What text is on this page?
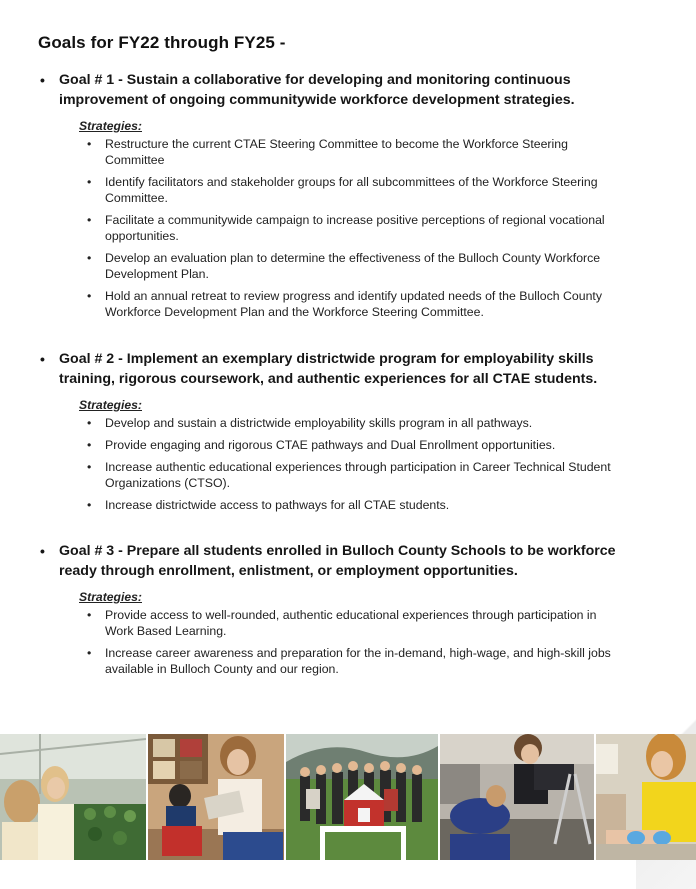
Goals for FY22 through FY25 -
• Goal # 1 - Sustain a collaborative for developing and monitoring continuous improvement of ongoing communitywide workforce development strategies.
Strategies:
• Restructure the current CTAE Steering Committee to become the Workforce Steering Committee
• Identify facilitators and stakeholder groups for all subcommittees of the Workforce Steering Committee.
• Facilitate a communitywide campaign to increase positive perceptions of regional vocational opportunities.
• Develop an evaluation plan to determine the effectiveness of the Bulloch County Workforce Development Plan.
• Hold an annual retreat to review progress and identify updated needs of the Bulloch County Workforce Development Plan and the Workforce Steering Committee.
• Goal # 2 - Implement an exemplary districtwide program for employability skills training, rigorous coursework, and authentic experiences for all CTAE students.
Strategies:
• Develop and sustain a districtwide employability skills program in all pathways.
• Provide engaging and rigorous CTAE pathways and Dual Enrollment opportunities.
• Increase authentic educational experiences through participation in Career Technical Student Organizations (CTSO).
• Increase districtwide access to pathways for all CTAE students.
• Goal # 3 - Prepare all students enrolled in Bulloch County Schools to be workforce ready through enrollment, enlistment, or employment opportunities.
Strategies:
• Provide access to well-rounded, authentic educational experiences through participation in Work Based Learning.
• Increase career awareness and preparation for the in-demand, high-wage, and high-skill jobs available in Bulloch County and our region.
